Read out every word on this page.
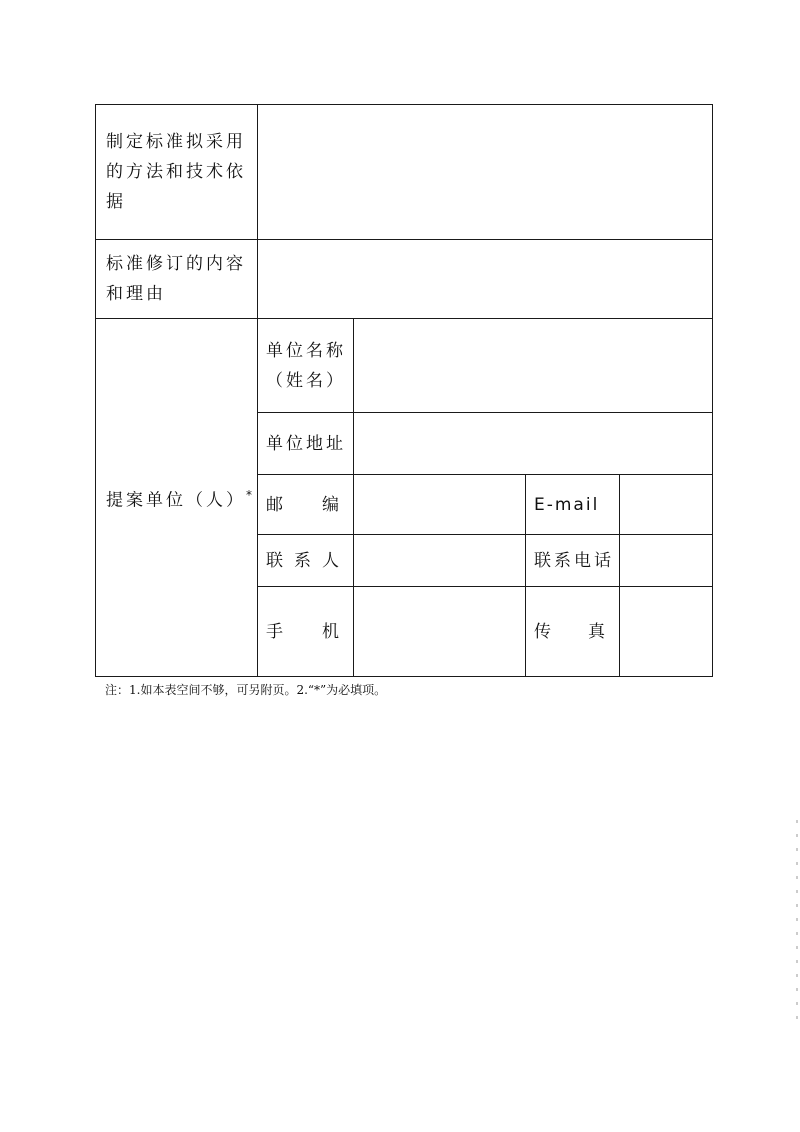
制定标准拟采用的方法和技术依据				
标准修订的内容和理由				
提案单位（人）*	单位名称
（姓名）			

	单位地址			

	邮 编		E-mail	

	联 系 人		联系电话	

	手 机		传 真	

注：1.如本表空间不够，可另附页。2.“*”为必填项。
